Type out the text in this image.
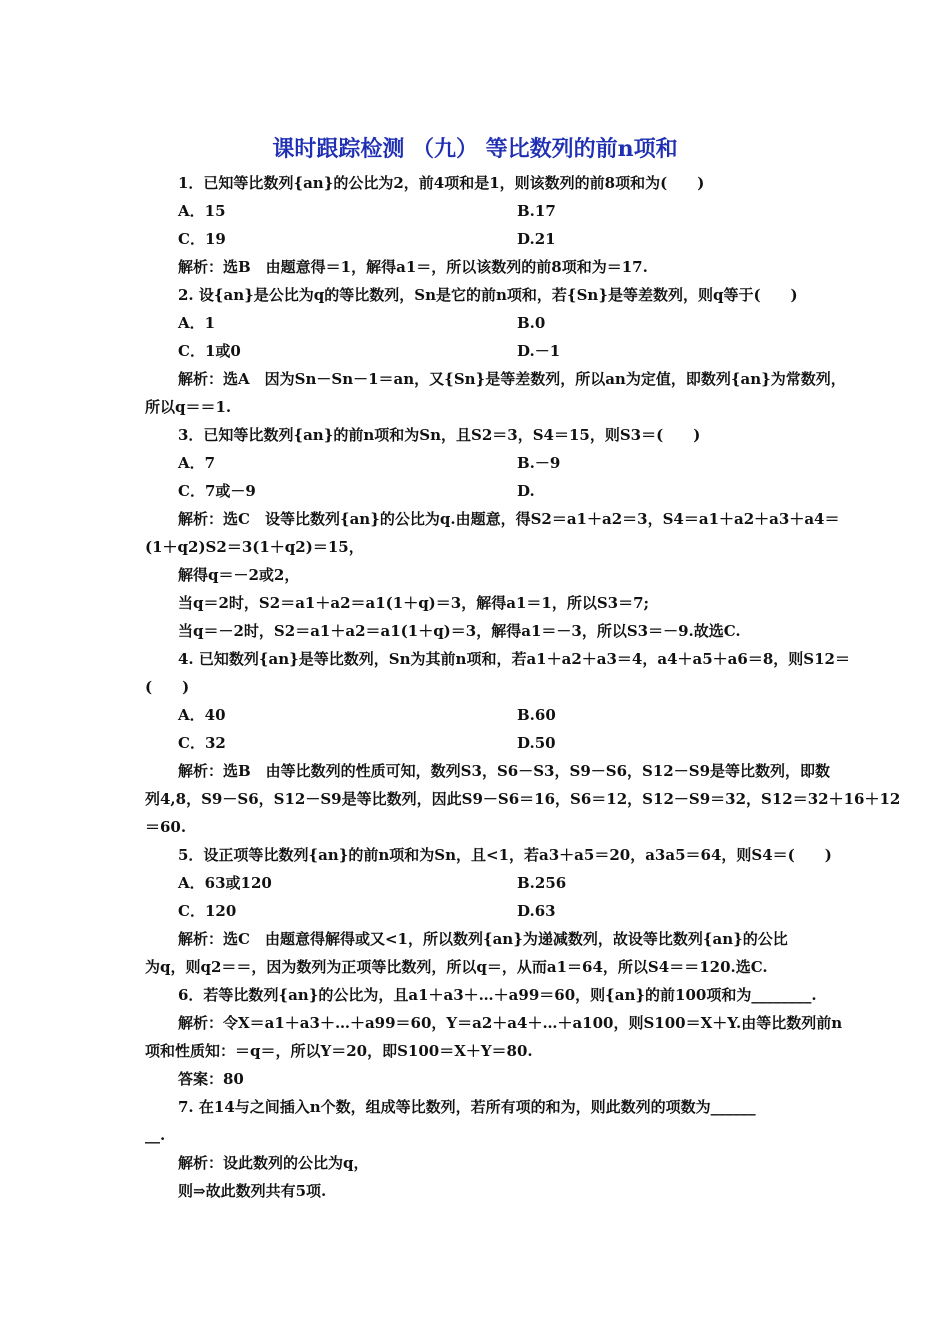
课时跟踪检测 （九） 等比数列的前n项和
1．已知等比数列{an}的公比为2，前4项和是1，则该数列的前8项和为(　　)
A．15	B.17
C．19	D.21
解析：选B　由题意得＝1，解得a1＝，所以该数列的前8项和为＝17.
2. 设{an}是公比为q的等比数列，Sn是它的前n项和，若{Sn}是等差数列，则q等于(　　)
A．1	B.0
C．1或0	D.－1
解析：选A　因为Sn－Sn－1＝an，又{Sn}是等差数列，所以an为定值，即数列{an}为常数列，
所以q＝＝1.
3．已知等比数列{an}的前n项和为Sn，且S2＝3，S4＝15，则S3＝(　　)
A．7	B.－9
C．7或－9	D.
解析：选C　设等比数列{an}的公比为q.由题意，得S2＝a1＋a2＝3，S4＝a1＋a2＋a3＋a4＝
(1＋q2)S2＝3(1＋q2)＝15，
解得q＝－2或2，
当q＝2时，S2＝a1＋a2＝a1(1＋q)＝3，解得a1＝1，所以S3＝7;
当q＝－2时，S2＝a1＋a2＝a1(1＋q)＝3，解得a1＝－3，所以S3＝－9.故选C.
4. 已知数列{an}是等比数列，Sn为其前n项和，若a1＋a2＋a3＝4，a4＋a5＋a6＝8，则S12＝
(　　)
A．40	B.60
C．32	D.50
解析：选B　由等比数列的性质可知，数列S3，S6－S3，S9－S6，S12－S9是等比数列，即数
列4,8，S9－S6，S12－S9是等比数列，因此S9－S6＝16，S6＝12，S12－S9＝32，S12＝32＋16＋12
＝60.
5．设正项等比数列{an}的前n项和为Sn，且<1，若a3＋a5＝20，a3a5＝64，则S4＝(　　)
A．63或120	B.256
C．120	D.63
解析：选C　由题意得解得或又<1，所以数列{an}为递减数列，故设等比数列{an}的公比
为q，则q2＝＝，因为数列为正项等比数列，所以q＝，从而a1＝64，所以S4＝＝120.选C.
6．若等比数列{an}的公比为，且a1＋a3＋…＋a99＝60，则{an}的前100项和为________.
解析：令X＝a1＋a3＋…＋a99＝60，Y＝a2＋a4＋…＋a100，则S100＝X＋Y.由等比数列前n
项和性质知：＝q＝，所以Y＝20，即S100＝X＋Y＝80.
答案：80
7. 在14与之间插入n个数，组成等比数列，若所有项的和为，则此数列的项数为______
__.
解析：设此数列的公比为q，
则⇒故此数列共有5项.
